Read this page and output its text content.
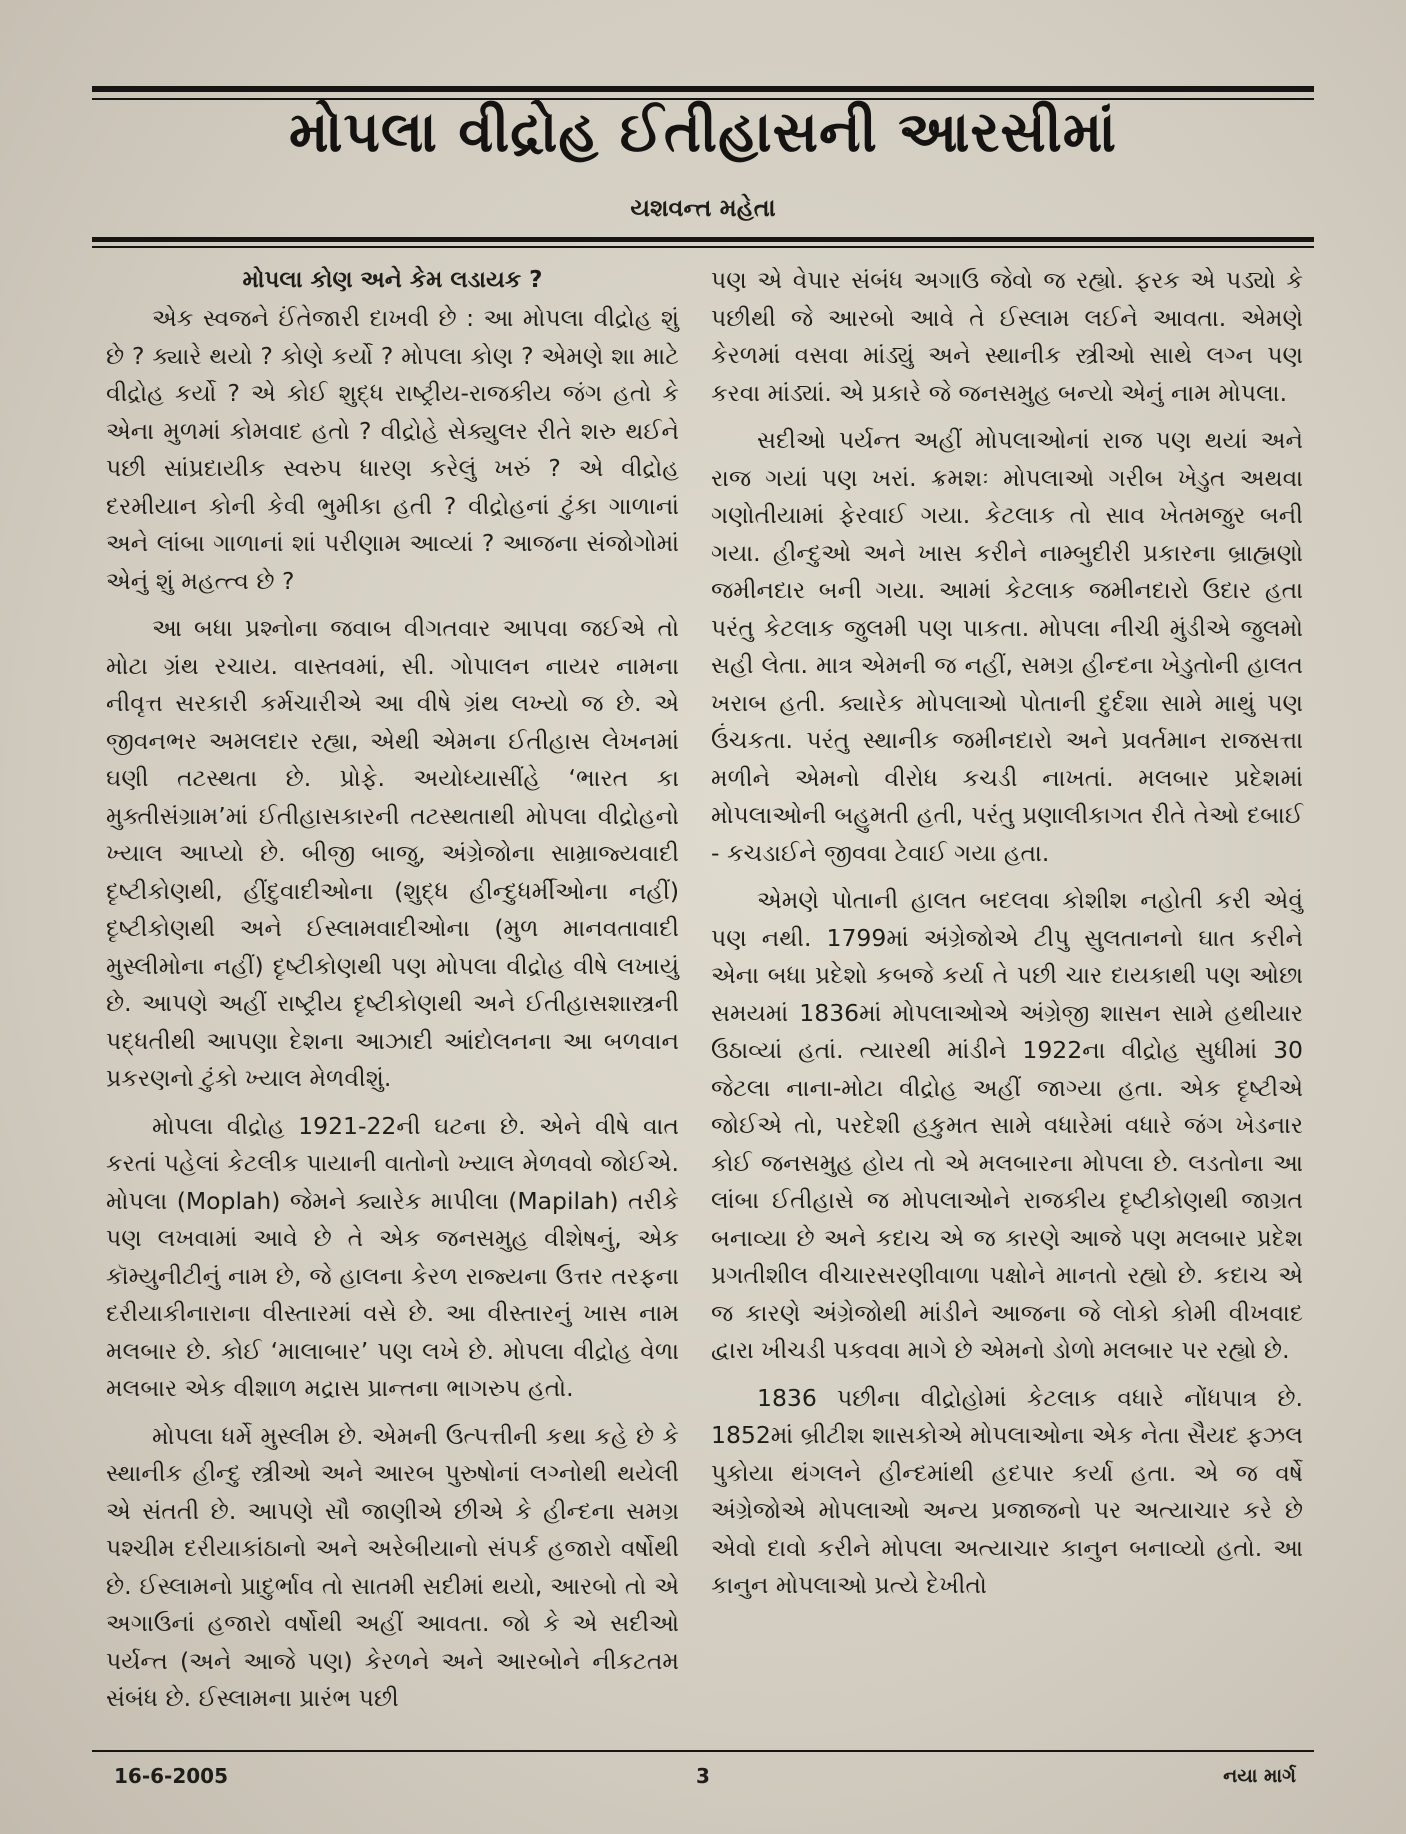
મોપલા વીદ્રોહ ઈતીહાસની આરસીમાં
યશવન્ત મહેતા
મોપલા કોણ અને કેમ લડાયક ?

એક સ્વજને ઈંતેજારી દાખવી છે : આ મોપલા વીદ્રોહ શું છે ? ક્યારે થયો ? કોણે કર્યો ? મોપલા કોણ ? એમણે શા માટે વીદ્રોહ કર્યો ? એ કોઈ શુદ્ધ રાષ્ટ્રીય-રાજકીય જંગ હતો કે એના મુળમાં કોમવાદ હતો ? વીદ્રોહે સેક્યુલર રીતે શરુ થઈને પછી સાંપ્રદાયીક સ્વરુપ ધારણ કરેલું ખરું ? એ વીદ્રોહ દરમીયાન કોની કેવી ભુમીકા હતી ? વીદ્રોહનાં ટુંકા ગાળાનાં અને લાંબા ગાળાનાં શાં પરીણામ આવ્યાં ? આજના સંજોગોમાં એનું શું મહત્ત્વ છે ?

આ બધા પ્રશ્નોના જવાબ વીગતવાર આપવા જઈએ તો મોટા ગ્રંથ રચાય. વાસ્તવમાં, સી. ગોપાલન નાયર નામના નીવૃત્ત સરકારી કર્મચારીએ આ વીષે ગ્રંથ લખ્યો જ છે. એ જીવનભર અમલદાર રહ્યા, એથી એમના ઈતીહાસ લેખનમાં ઘણી તટસ્થતા છે. પ્રોફે. અયોધ્યાસીંહે ‘ભારત કા મુક્તીસંગ્રામ’માં ઈતીહાસકારની તટસ્થતાથી મોપલા વીદ્રોહનો ખ્યાલ આપ્યો છે. બીજી બાજુ, અંગ્રેજોના સામ્રાજ્યવાદી દૃષ્ટીકોણથી, હીંદુવાદીઓના (શુદ્ધ હીન્દુધર્મીઓના નહીં) દૃષ્ટીકોણથી અને ઈસ્લામવાદીઓના (મુળ માનવતાવાદી મુસ્લીમોના નહીં) દૃષ્ટીકોણથી પણ મોપલા વીદ્રોહ વીષે લખાયું છે. આપણે અહીં રાષ્ટ્રીય દૃષ્ટીકોણથી અને ઈતીહાસશાસ્ત્રની પદ્ધતીથી આપણા દેશના આઝાદી આંદોલનના આ બળવાન પ્રકરણનો ટુંકો ખ્યાલ મેળવીશું.

મોપલા વીદ્રોહ 1921-22ની ઘટના છે. એને વીષે વાત કરતાં પહેલાં કેટલીક પાયાની વાતોનો ખ્યાલ મેળવવો જોઈએ. મોપલા (Moplah) જેમને ક્યારેક માપીલા (Mapilah) તરીકે પણ લખવામાં આવે છે તે એક જનસમુહ વીશેષનું, એક કૉમ્યુનીટીનું નામ છે, જે હાલના કેરળ રાજ્યના ઉત્તર તરફના દરીયાકીનારાના વીસ્તારમાં વસે છે. આ વીસ્તારનું ખાસ નામ મલબાર છે. કોઈ ‘માલાબાર’ પણ લખે છે. મોપલા વીદ્રોહ વેળા મલબાર એક વીશાળ મદ્રાસ પ્રાન્તના ભાગરુપ હતો.

મોપલા ધર્મે મુસ્લીમ છે. એમની ઉત્પત્તીની કથા કહે છે કે સ્થાનીક હીન્દુ સ્ત્રીઓ અને આરબ પુરુષોનાં લગ્નોથી થયેલી એ સંતતી છે. આપણે સૌ જાણીએ છીએ કે હીન્દના સમગ્ર પશ્ચીમ દરીયાકાંઠાનો અને અરેબીયાનો સંપર્ક હજારો વર્ષોથી છે. ઈસ્લામનો પ્રાદુર્ભાવ તો સાતમી સદીમાં થયો, આરબો તો એ અગાઉનાં હજારો વર્ષોથી અહીં આવતા. જો કે એ સદીઓ પર્યન્ત (અને આજે પણ) કેરળને અને આરબોને નીકટતમ સંબંધ છે. ઈસ્લામના પ્રારંભ પછી

પણ એ વેપાર સંબંધ અગાઉ જેવો જ રહ્યો. ફરક એ પડ્યો કે પછીથી જે આરબો આવે તે ઈસ્લામ લઈને આવતા. એમણે કેરળમાં વસવા માંડ્યું અને સ્થાનીક સ્ત્રીઓ સાથે લગ્ન પણ કરવા માંડ્યાં. એ પ્રકારે જે જનસમુહ બન્યો એનું નામ મોપલા.

સદીઓ પર્યન્ત અહીં મોપલાઓનાં રાજ પણ થયાં અને રાજ ગયાં પણ ખરાં. ક્રમશઃ મોપલાઓ ગરીબ ખેડુત અથવા ગણોતીયામાં ફેરવાઈ ગયા. કેટલાક તો સાવ ખેતમજુર બની ગયા. હીન્દુઓ અને ખાસ કરીને નામ્બુદીરી પ્રકારના બ્રાહ્મણો જમીનદાર બની ગયા. આમાં કેટલાક જમીનદારો ઉદાર હતા પરંતુ કેટલાક જુલમી પણ પાકતા. મોપલા નીચી મુંડીએ જુલમો સહી લેતા. માત્ર એમની જ નહીં, સમગ્ર હીન્દના ખેડુતોની હાલત ખરાબ હતી. ક્યારેક મોપલાઓ પોતાની દુર્દશા સામે માથું પણ ઉંચકતા. પરંતુ સ્થાનીક જમીનદારો અને પ્રવર્તમાન રાજસત્તા મળીને એમનો વીરોધ કચડી નાખતાં. મલબાર પ્રદેશમાં મોપલાઓની બહુમતી હતી, પરંતુ પ્રણાલીકાગત રીતે તેઓ દબાઈ - કચડાઈને જીવવા ટેવાઈ ગયા હતા.

એમણે પોતાની હાલત બદલવા કોશીશ નહોતી કરી એવું પણ નથી. 1799માં અંગ્રેજોએ ટીપુ સુલતાનનો ઘાત કરીને એના બધા પ્રદેશો કબજે કર્યા તે પછી ચાર દાયકાથી પણ ઓછા સમયમાં 1836માં મોપલાઓએ અંગ્રેજી શાસન સામે હથીયાર ઉઠાવ્યાં હતાં. ત્યારથી માંડીને 1922ના વીદ્રોહ સુધીમાં 30 જેટલા નાના-મોટા વીદ્રોહ અહીં જાગ્યા હતા. એક દૃષ્ટીએ જોઈએ તો, પરદેશી હકુમત સામે વધારેમાં વધારે જંગ ખેડનાર કોઈ જનસમુહ હોય તો એ મલબારના મોપલા છે. લડતોના આ લાંબા ઈતીહાસે જ મોપલાઓને રાજકીય દૃષ્ટીકોણથી જાગ્રત બનાવ્યા છે અને કદાચ એ જ કારણે આજે પણ મલબાર પ્રદેશ પ્રગતીશીલ વીચારસરણીવાળા પક્ષોને માનતો રહ્યો છે. કદાચ એ જ કારણે અંગ્રેજોથી માંડીને આજના જે લોકો કોમી વીખવાદ દ્વારા ખીચડી પકવવા માગે છે એમનો ડોળો મલબાર પર રહ્યો છે.

1836 પછીના વીદ્રોહોમાં કેટલાક વધારે નોંધપાત્ર છે. 1852માં બ્રીટીશ શાસકોએ મોપલાઓના એક નેતા સૈયદ ફઝલ પુકોયા થંગલને હીન્દમાંથી હદપાર કર્યા હતા. એ જ વર્ષે અંગ્રેજોએ મોપલાઓ અન્ય પ્રજાજનો પર અત્યાચાર કરે છે એવો દાવો કરીને મોપલા અત્યાચાર કાનુન બનાવ્યો હતો. આ કાનુન મોપલાઓ પ્રત્યે દેખીતો

16-6-2005	3	નયા માર્ગ
